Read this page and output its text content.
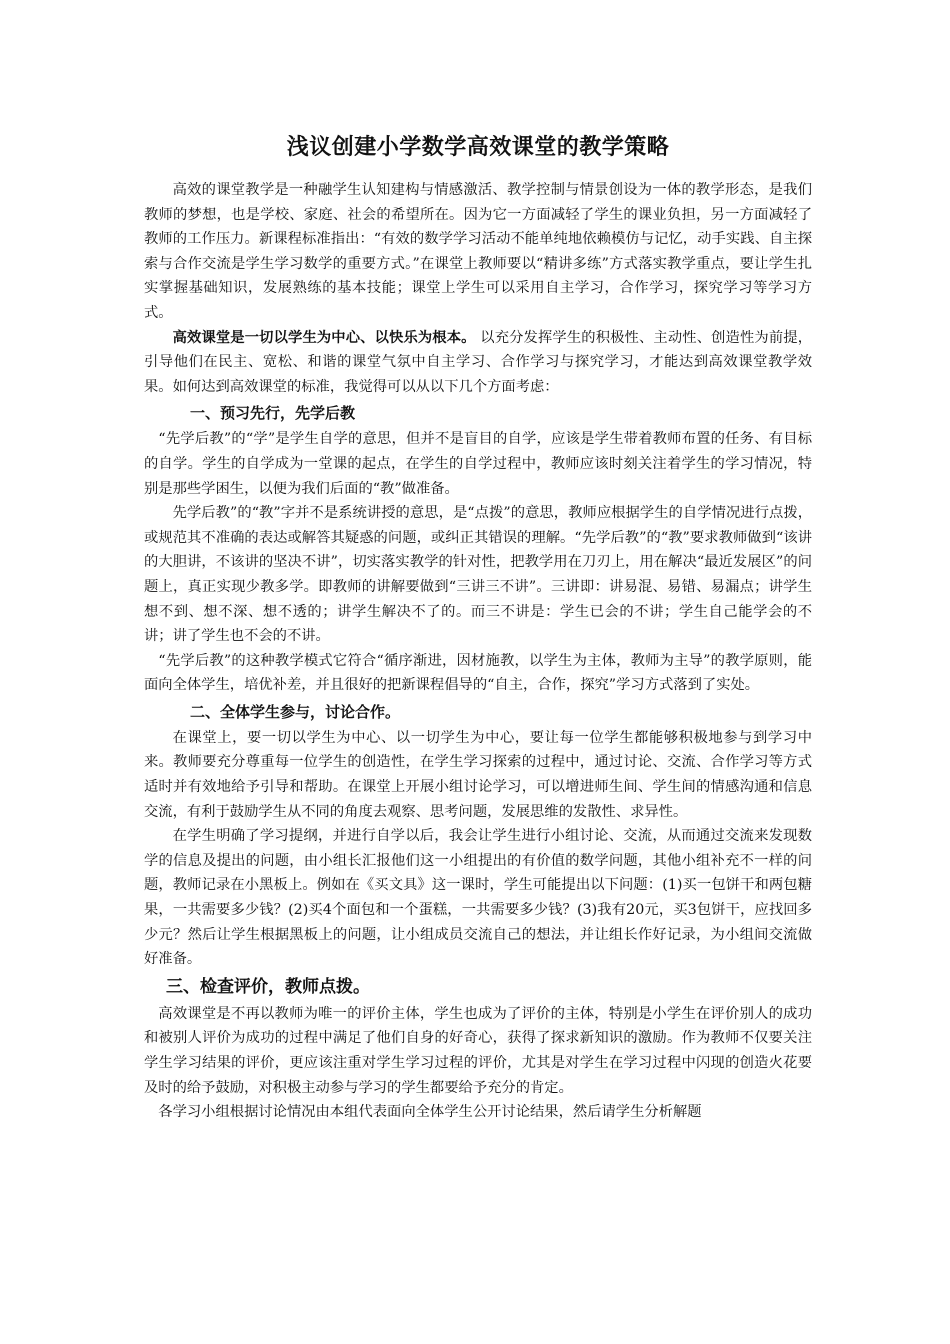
浅议创建小学数学高效课堂的教学策略

高效的课堂教学是一种融学生认知建构与情感激活、教学控制与情景创设为一体的教学形态，是我们教师的梦想，也是学校、家庭、社会的希望所在。因为它一方面减轻了学生的课业负担，另一方面减轻了教师的工作压力。新课程标准指出：“有效的数学学习活动不能单纯地依赖模仿与记忆，动手实践、自主探索与合作交流是学生学习数学的重要方式。”在课堂上教师要以“精讲多练”方式落实教学重点，要让学生扎实掌握基础知识，发展熟练的基本技能；课堂上学生可以采用自主学习，合作学习，探究学习等学习方式。

高效课堂是一切以学生为中心、以快乐为根本。 以充分发挥学生的积极性、主动性、创造性为前提，引导他们在民主、宽松、和谐的课堂气氛中自主学习、合作学习与探究学习，才能达到高效课堂教学效果。如何达到高效课堂的标准，我觉得可以从以下几个方面考虑：

一、预习先行，先学后教

“先学后教”的“学”是学生自学的意思，但并不是盲目的自学，应该是学生带着教师布置的任务、有目标的自学。学生的自学成为一堂课的起点，在学生的自学过程中，教师应该时刻关注着学生的学习情况，特别是那些学困生，以便为我们后面的“教”做准备。

先学后教”的“教”字并不是系统讲授的意思，是“点拨”的意思，教师应根据学生的自学情况进行点拨，或规范其不准确的表达或解答其疑惑的问题，或纠正其错误的理解。“先学后教”的“教”要求教师做到“该讲的大胆讲，不该讲的坚决不讲”，切实落实教学的针对性，把教学用在刀刃上，用在解决“最近发展区”的问题上，真正实现少教多学。即教师的讲解要做到“三讲三不讲”。三讲即：讲易混、易错、易漏点；讲学生想不到、想不深、想不透的；讲学生解决不了的。而三不讲是：学生已会的不讲；学生自己能学会的不讲；讲了学生也不会的不讲。

“先学后教”的这种教学模式它符合“循序渐进，因材施教，以学生为主体，教师为主导”的教学原则，能面向全体学生，培优补差，并且很好的把新课程倡导的“自主，合作，探究”学习方式落到了实处。

二、全体学生参与，讨论合作。

在课堂上，要一切以学生为中心、以一切学生为中心，要让每一位学生都能够积极地参与到学习中来。教师要充分尊重每一位学生的创造性，在学生学习探索的过程中，通过讨论、交流、合作学习等方式适时并有效地给予引导和帮助。在课堂上开展小组讨论学习，可以增进师生间、学生间的情感沟通和信息交流，有利于鼓励学生从不同的角度去观察、思考问题，发展思维的发散性、求异性。

在学生明确了学习提纲，并进行自学以后，我会让学生进行小组讨论、交流，从而通过交流来发现数学的信息及提出的问题，由小组长汇报他们这一小组提出的有价值的数学问题，其他小组补充不一样的问题，教师记录在小黑板上。例如在《买文具》这一课时，学生可能提出以下问题：(1)买一包饼干和两包糖果，一共需要多少钱？(2)买4个面包和一个蛋糕，一共需要多少钱？(3)我有20元，买3包饼干，应找回多少元？然后让学生根据黑板上的问题，让小组成员交流自己的想法，并让组长作好记录，为小组间交流做好准备。

三、检查评价，教师点拨。

高效课堂是不再以教师为唯一的评价主体，学生也成为了评价的主体，特别是小学生在评价别人的成功和被别人评价为成功的过程中满足了他们自身的好奇心，获得了探求新知识的激励。作为教师不仅要关注学生学习结果的评价，更应该注重对学生学习过程的评价，尤其是对学生在学习过程中闪现的创造火花要及时的给予鼓励，对积极主动参与学习的学生都要给予充分的肯定。

各学习小组根据讨论情况由本组代表面向全体学生公开讨论结果，然后请学生分析解题
